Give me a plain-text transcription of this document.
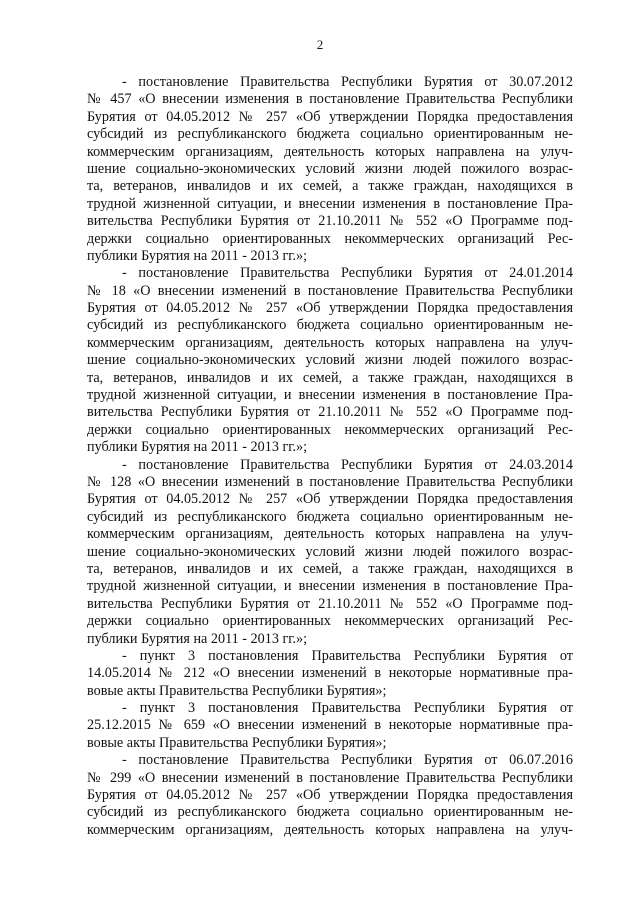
2
- постановление Правительства Республики Бурятия от 30.07.2012
№ 457 «О внесении изменения в постановление Правительства Республики
Бурятия от 04.05.2012 № 257 «Об утверждении Порядка предоставления
субсидий из республиканского бюджета социально ориентированным не-
коммерческим организациям, деятельность которых направлена на улуч-
шение социально-экономических условий жизни людей пожилого возрас-
та, ветеранов, инвалидов и их семей, а также граждан, находящихся в
трудной жизненной ситуации, и внесении изменения в постановление Пра-
вительства Республики Бурятия от 21.10.2011 № 552 «О Программе под-
держки социально ориентированных некоммерческих организаций Рес-
публики Бурятия на 2011 - 2013 гг.»;
- постановление Правительства Республики Бурятия от 24.01.2014
№ 18 «О внесении изменений в постановление Правительства Республики
Бурятия от 04.05.2012 № 257 «Об утверждении Порядка предоставления
субсидий из республиканского бюджета социально ориентированным не-
коммерческим организациям, деятельность которых направлена на улуч-
шение социально-экономических условий жизни людей пожилого возрас-
та, ветеранов, инвалидов и их семей, а также граждан, находящихся в
трудной жизненной ситуации, и внесении изменения в постановление Пра-
вительства Республики Бурятия от 21.10.2011 № 552 «О Программе под-
держки социально ориентированных некоммерческих организаций Рес-
публики Бурятия на 2011 - 2013 гг.»;
- постановление Правительства Республики Бурятия от 24.03.2014
№ 128 «О внесении изменений в постановление Правительства Республики
Бурятия от 04.05.2012 № 257 «Об утверждении Порядка предоставления
субсидий из республиканского бюджета социально ориентированным не-
коммерческим организациям, деятельность которых направлена на улуч-
шение социально-экономических условий жизни людей пожилого возрас-
та, ветеранов, инвалидов и их семей, а также граждан, находящихся в
трудной жизненной ситуации, и внесении изменения в постановление Пра-
вительства Республики Бурятия от 21.10.2011 № 552 «О Программе под-
держки социально ориентированных некоммерческих организаций Рес-
публики Бурятия на 2011 - 2013 гг.»;
- пункт 3 постановления Правительства Республики Бурятия от
14.05.2014 № 212 «О внесении изменений в некоторые нормативные пра-
вовые акты Правительства Республики Бурятия»;
- пункт 3 постановления Правительства Республики Бурятия от
25.12.2015 № 659 «О внесении изменений в некоторые нормативные пра-
вовые акты Правительства Республики Бурятия»;
- постановление Правительства Республики Бурятия от 06.07.2016
№ 299 «О внесении изменений в постановление Правительства Республики
Бурятия от 04.05.2012 № 257 «Об утверждении Порядка предоставления
субсидий из республиканского бюджета социально ориентированным не-
коммерческим организациям, деятельность которых направлена на улуч-
